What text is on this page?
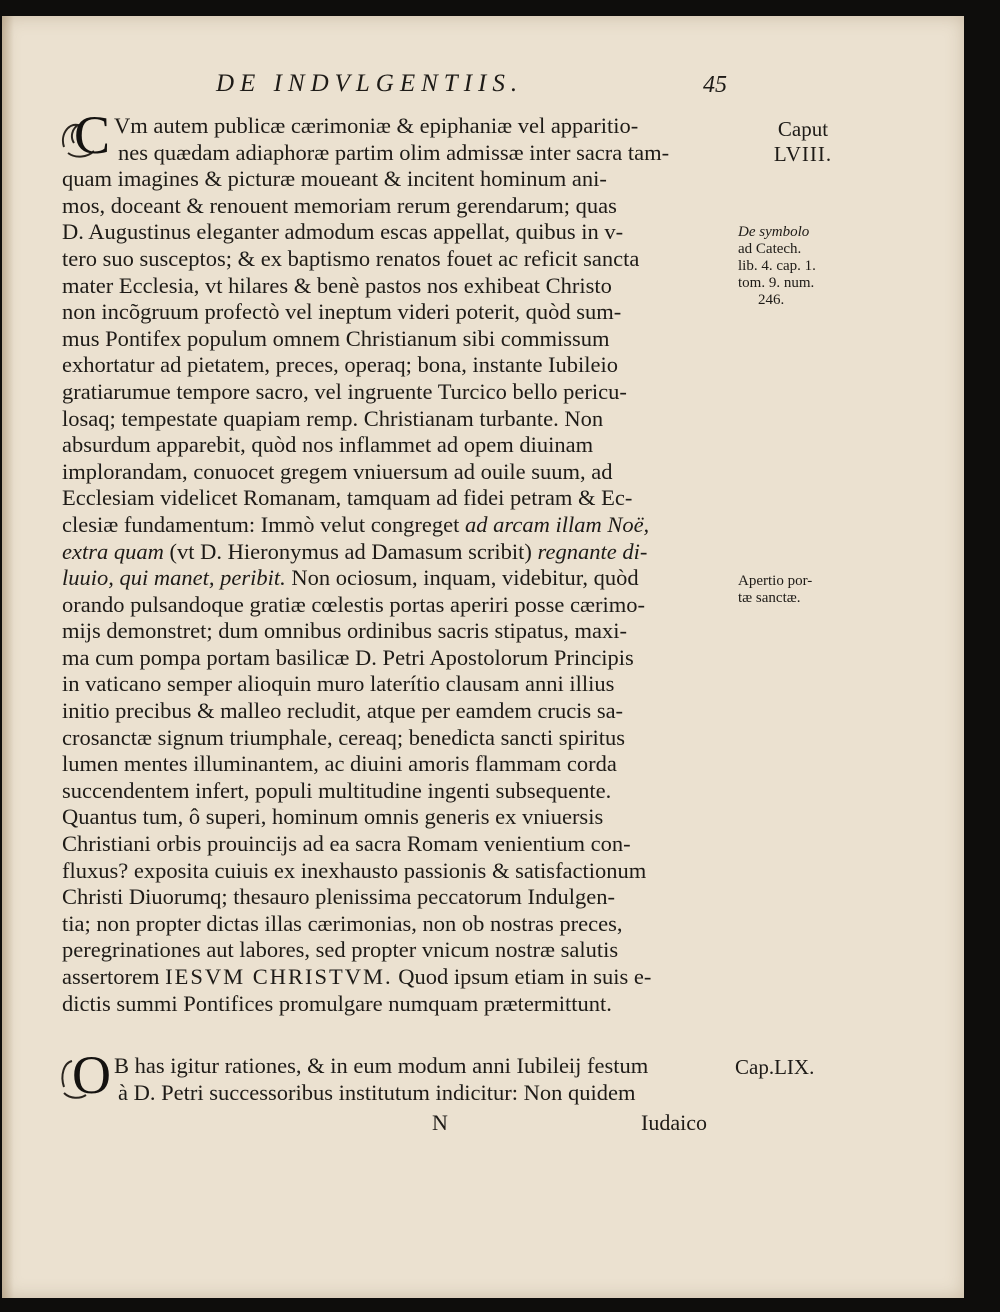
DE INDVLGENTIIS.	45
C Vm autem publicæ cærimoniæ & epiphaniæ vel apparitio-
nes quædam adiaphoræ partim olim admissæ inter sacra tam-
quam imagines & picturæ moueant & incitent hominum ani-
mos, doceant & renouent memoriam rerum gerendarum; quas
D. Augustinus eleganter admodum escas appellat, quibus in v-
tero suo susceptos; & ex baptismo renatos fouet ac reficit sancta
mater Ecclesia, vt hilares & benè pastos nos exhibeat Christo
non incõgruum profectò vel ineptum videri poterit, quòd sum-
mus Pontifex populum omnem Christianum sibi commissum
exhortatur ad pietatem, preces, operaq; bona, instante Iubileio
gratiarumue tempore sacro, vel ingruente Turcico bello pericu-
losaq; tempestate quapiam remp. Christianam turbante. Non
absurdum apparebit, quòd nos inflammet ad opem diuinam
implorandam, conuocet gregem vniuersum ad ouile suum, ad
Ecclesiam videlicet Romanam, tamquam ad fidei petram & Ec-
clesiæ fundamentum: Immò velut congreget ad arcam illam Noë,
extra quam (vt D. Hieronymus ad Damasum scribit) regnante di-
luuio, qui manet, peribit. Non ociosum, inquam, videbitur, quòd
orando pulsandoque gratiæ cœlestis portas aperiri posse cærimo-
mijs demonstret; dum omnibus ordinibus sacris stipatus, maxi-
ma cum pompa portam basilicæ D. Petri Apostolorum Principis
in vaticano semper alioquin muro laterítio clausam anni illius
initio precibus & malleo recludit, atque per eamdem crucis sa-
crosanctæ signum triumphale, cereaq; benedicta sancti spiritus
lumen mentes illuminantem, ac diuini amoris flammam corda
succendentem infert, populi multitudine ingenti subsequente.
Quantus tum, ô superi, hominum omnis generis ex vniuersis
Christiani orbis prouincijs ad ea sacra Romam venientium con-
fluxus? exposita cuiuis ex inexhausto passionis & satisfactionum
Christi Diuorumq; thesauro plenissima peccatorum Indulgen-
tia; non propter dictas illas cærimonias, non ob nostras preces,
peregrinationes aut labores, sed propter vnicum nostræ salutis
assertorem IESVM CHRISTVM. Quod ipsum etiam in suis e-
dictis summi Pontifices promulgare numquam prætermittunt.
O B has igitur rationes, & in eum modum anni Iubileij festum
à D. Petri successoribus institutum indicitur: Non quidem
N	Iudaico
Caput
LVIII.
De symbolo
ad Catech.
lib. 4. cap. 1.
tom. 9. num.
246.
Apertio por-
tæ sanctæ.
Cap.LIX.
